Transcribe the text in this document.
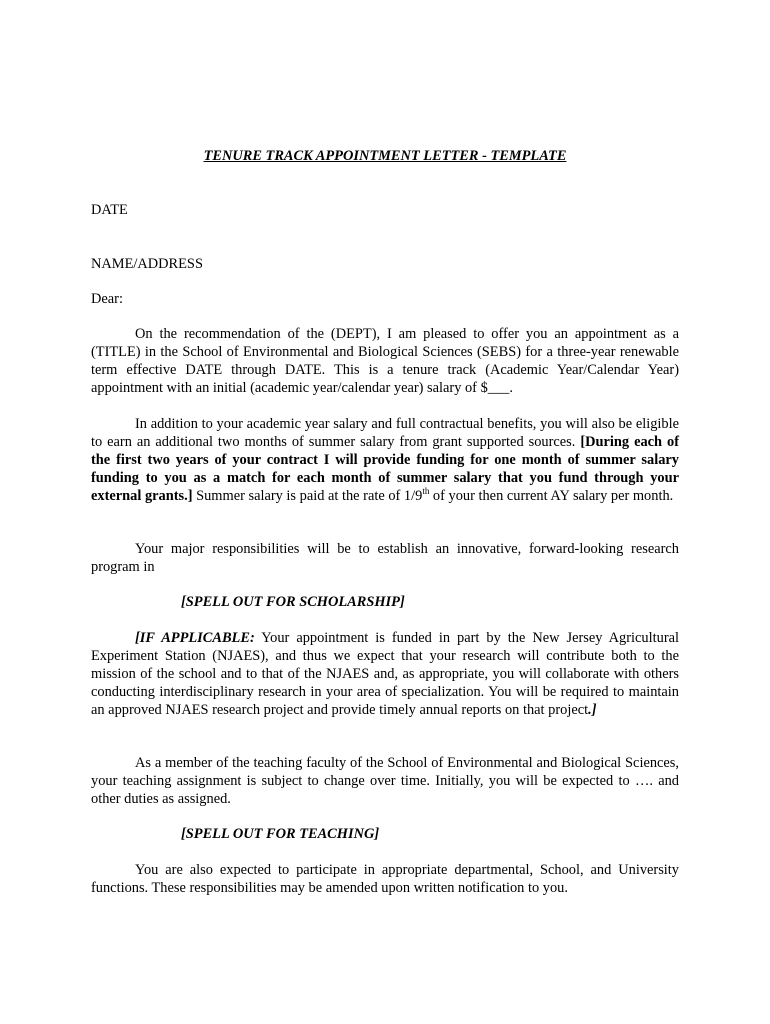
TENURE TRACK APPOINTMENT LETTER - TEMPLATE
DATE
NAME/ADDRESS
Dear:

On the recommendation of the (DEPT), I am pleased to offer you an appointment as a (TITLE) in the School of Environmental and Biological Sciences (SEBS) for a three-year renewable term effective DATE through DATE. This is a tenure track (Academic Year/Calendar Year) appointment with an initial (academic year/calendar year) salary of $___.

In addition to your academic year salary and full contractual benefits, you will also be eligible to earn an additional two months of summer salary from grant supported sources. [During each of the first two years of your contract I will provide funding for one month of summer salary funding to you as a match for each month of summer salary that you fund through your external grants.] Summer salary is paid at the rate of 1/9th of your then current AY salary per month.

Your major responsibilities will be to establish an innovative, forward-looking research program in

[SPELL OUT FOR SCHOLARSHIP]

[IF APPLICABLE: Your appointment is funded in part by the New Jersey Agricultural Experiment Station (NJAES), and thus we expect that your research will contribute both to the mission of the school and to that of the NJAES and, as appropriate, you will collaborate with others conducting interdisciplinary research in your area of specialization. You will be required to maintain an approved NJAES research project and provide timely annual reports on that project.]

As a member of the teaching faculty of the School of Environmental and Biological Sciences, your teaching assignment is subject to change over time. Initially, you will be expected to …. and other duties as assigned.

[SPELL OUT FOR TEACHING]

You are also expected to participate in appropriate departmental, School, and University functions. These responsibilities may be amended upon written notification to you.
